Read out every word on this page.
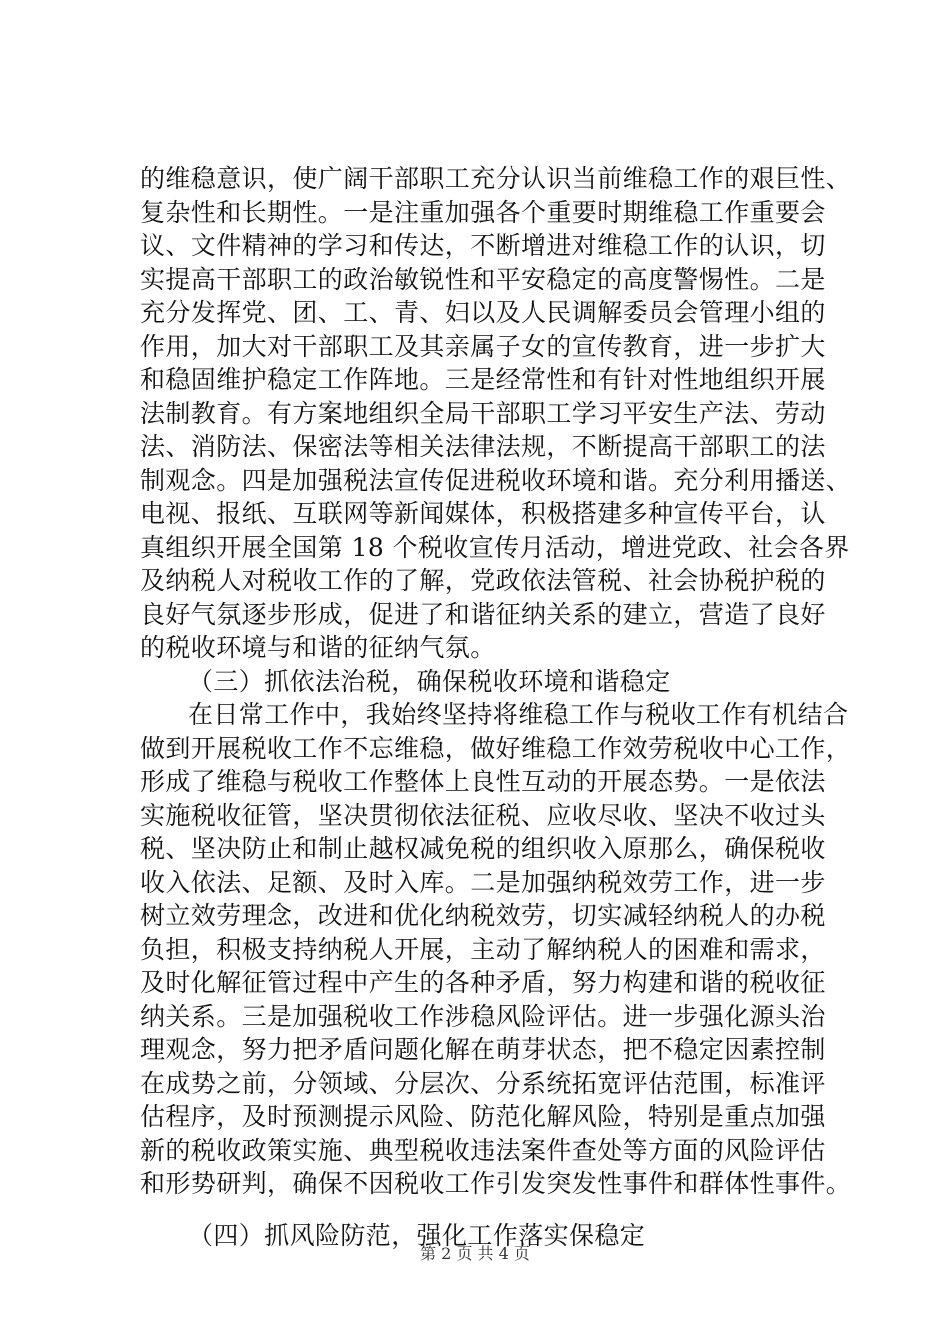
的维稳意识，使广阔干部职工充分认识当前维稳工作的艰巨性、
复杂性和长期性。一是注重加强各个重要时期维稳工作重要会
议、文件精神的学习和传达，不断增进对维稳工作的认识，切
实提高干部职工的政治敏锐性和平安稳定的高度警惕性。二是
充分发挥党、团、工、青、妇以及人民调解委员会管理小组的
作用，加大对干部职工及其亲属子女的宣传教育，进一步扩大
和稳固维护稳定工作阵地。三是经常性和有针对性地组织开展
法制教育。有方案地组织全局干部职工学习平安生产法、劳动
法、消防法、保密法等相关法律法规，不断提高干部职工的法
制观念。四是加强税法宣传促进税收环境和谐。充分利用播送、
电视、报纸、互联网等新闻媒体，积极搭建多种宣传平台，认
真组织开展全国第 18 个税收宣传月活动，增进党政、社会各界
及纳税人对税收工作的了解，党政依法管税、社会协税护税的
良好气氛逐步形成，促进了和谐征纳关系的建立，营造了良好
的税收环境与和谐的征纳气氛。
（三）抓依法治税，确保税收环境和谐稳定
在日常工作中，我始终坚持将维稳工作与税收工作有机结合
做到开展税收工作不忘维稳，做好维稳工作效劳税收中心工作，
形成了维稳与税收工作整体上良性互动的开展态势。一是依法
实施税收征管，坚决贯彻依法征税、应收尽收、坚决不收过头
税、坚决防止和制止越权减免税的组织收入原那么，确保税收
收入依法、足额、及时入库。二是加强纳税效劳工作，进一步
树立效劳理念，改进和优化纳税效劳，切实减轻纳税人的办税
负担，积极支持纳税人开展，主动了解纳税人的困难和需求，
及时化解征管过程中产生的各种矛盾，努力构建和谐的税收征
纳关系。三是加强税收工作涉稳风险评估。进一步强化源头治
理观念，努力把矛盾问题化解在萌芽状态，把不稳定因素控制
在成势之前，分领域、分层次、分系统拓宽评估范围，标准评
估程序，及时预测提示风险、防范化解风险，特别是重点加强
新的税收政策实施、典型税收违法案件查处等方面的风险评估
和形势研判，确保不因税收工作引发突发性事件和群体性事件。
（四）抓风险防范，强化工作落实保稳定
第 2 页 共 4 页
